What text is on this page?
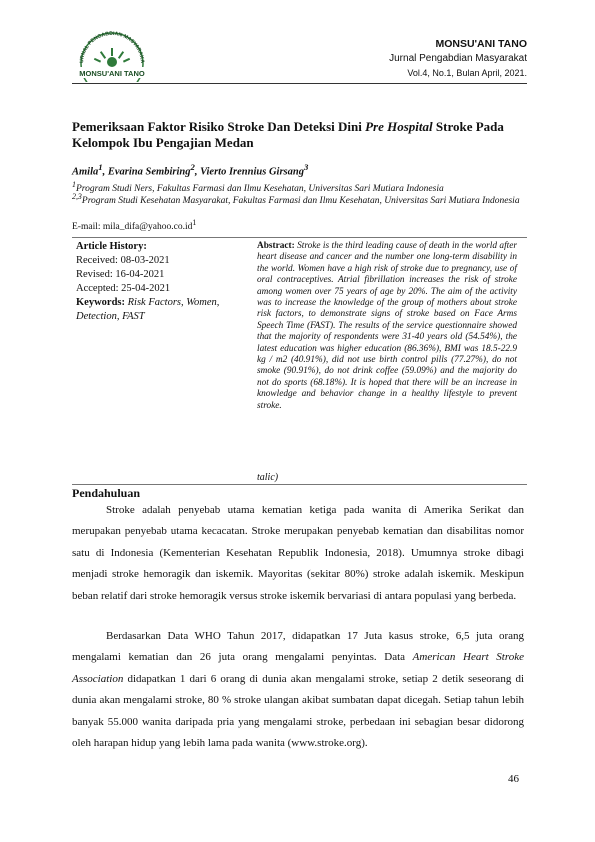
URNAL PENGABDIAN MASYARAKA
MONSU'ANI TANO
MONSU'ANI TANO
Jurnal Pengabdian Masyarakat
Vol.4, No.1, Bulan April, 2021.
Pemeriksaan Faktor Risiko Stroke Dan Deteksi Dini Pre Hospital Stroke Pada Kelompok Ibu Pengajian Medan
Amila$^1$, Evarina Sembiring$^2$, Vierto Irennius Girsang$^3$
$^1$Program Studi Ners, Fakultas Farmasi dan Ilmu Kesehatan, Universitas Sari Mutiara Indonesia
$^{2,3}$Program Studi Kesehatan Masyarakat, Fakultas Farmasi dan Ilmu Kesehatan, Universitas Sari Mutiara Indonesia
E-mail: $mila\_difa@yahoo.co.id^1$
Article History:
Received: 08-03-2021
Revised: 16-04-2021
Accepted: 25-04-2021
Keywords: Risk Factors, Women, Detection, FAST
Abstract: Stroke is the third leading cause of death in the world after heart disease and cancer and the number one long-term disability in the world. Women have a high risk of stroke due to pregnancy, use of oral contraceptives. Atrial fibrillation increases the risk of stroke among women over 75 years of age by 20%. The aim of the activity was to increase the knowledge of the group of mothers about stroke risk factors, to demonstrate signs of stroke based on Face Arms Speech Time (FAST). The results of the service questionnaire showed that the majority of respondents were 31-40 years old (54.54%), the latest education was higher education (86.36%), BMI was 18.5-22.9 kg / m2 (40.91%), did not use birth control pills (77.27%), do not smoke (90.91%), do not drink coffee (59.09%) and the majority do not do sports (68.18%). It is hoped that there will be an increase in knowledge and behavior change in a healthy lifestyle to prevent stroke.
talic)
Pendahuluan
Stroke adalah penyebab utama kematian ketiga pada wanita di Amerika Serikat dan merupakan penyebab utama kecacatan. Stroke merupakan penyebab kematian dan disabilitas nomor satu di Indonesia (Kementerian Kesehatan Republik Indonesia, 2018). Umumnya stroke dibagi menjadi stroke hemoragik dan iskemik. Mayoritas (sekitar 80%) stroke adalah iskemik. Meskipun beban relatif dari stroke hemoragik versus stroke iskemik bervariasi di antara populasi yang berbeda.
Berdasarkan Data WHO Tahun 2017, didapatkan 17 Juta kasus stroke, 6,5 juta orang mengalami kematian dan 26 juta orang mengalami penyintas. Data American Heart Stroke Association didapatkan 1 dari 6 orang di dunia akan mengalami stroke, setiap 2 detik seseorang di dunia akan mengalami stroke, 80 % stroke ulangan akibat sumbatan dapat dicegah. Setiap tahun lebih banyak 55.000 wanita daripada pria yang mengalami stroke, perbedaan ini sebagian besar didorong oleh harapan hidup yang lebih lama pada wanita (www.stroke.org).
46
